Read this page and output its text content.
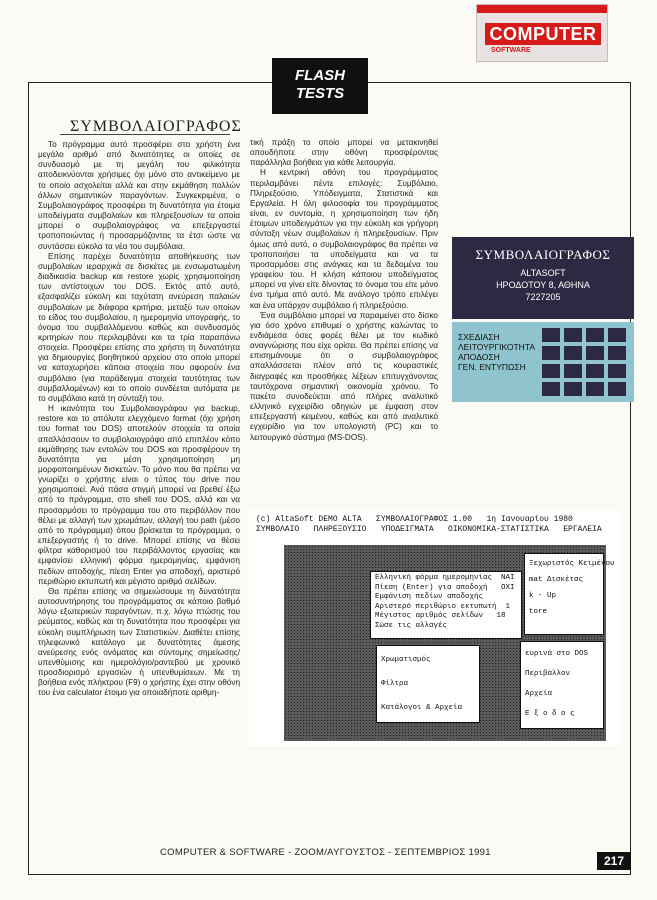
COMPUTER
SOFTWARE
FLASH
TESTS
ΣΥΜΒΟΛΑΙΟΓΡΑΦΟΣ

Το πρόγραμμα αυτό προσφέρει στο χρήστη ένα μεγάλο αριθμό από δυνατότητες οι οποίες σε συνδυασμό με τη μεγάλη του φιλικότητα αποδεικνύονται χρήσιμες όχι μόνο στο αντικείμενο με το οποίο ασχολείται αλλά και στην εκμάθηση πολλών άλλων σημαντικών παραγόντων. Συγκεκριμένα, ο Συμβολαιογράφος προσφέρει τη δυνατότητα για έτοιμα υποδείγματα συμβολαίων και πληρεξουσίων τα οποία μπορεί ο συμβολαιογράφος να επεξεργαστεί τροποποιώντας ή προσαρμόζοντας τα έτσι ώστε να συντάσσει εύκολα τα νέα του συμβόλαια.

Επίσης παρέχει δυνατότητα αποθήκευσης των συμβολαίων ιεραρχικά σε δισκέτες με ενσωματωμένη διαδικασία backup και restore χωρίς χρησιμοποίηση των αντίστοιχων του DOS. Εκτός από αυτό, εξασφαλίζει εύκολη και ταχύτατη ανεύρεση παλαιών συμβολαίων με διάφορα κριτήρια, μεταξύ των οποίων το είδος του συμβολαίου, η ημερομηνία υπογραφής, το όνομα του συμβαλλόμενου καθώς και συνδυασμός κριτηρίων που περιλαμβάνει και τα τρία παραπάνω στοιχεία. Προσφέρει επίσης στο χρήστη τη δυνατότητα για δημιουργίες βοηθητικού αρχείου στο οποίο μπορεί να καταχωρήσει κάποια στοιχεία που αφορούν ένα συμβόλαιο (για παράδειγμα στοιχεία ταυτότητας των συμβαλλομένων) και το οποίο συνδέεται αυτόματα με το συμβόλαιο κατά τη σύνταξή του.

Η ικανότητα του Συμβολαιογράφου για backup, restore και το απόλυτα ελεγχόμενο format (όχι χρήση του format του DOS) αποτελούν στοιχεία τα οποία απαλλάσσουν το συμβολαιογράφο από επιπλέον κόπο εκμάθησης των εντολών του DOS και προσφέρουν τη δυνατότητα για μέση χρησιμοποίηση μη μορφοποιημένων δισκετών. Το μόνο που θα πρέπει να γνωρίζει ο χρήστης είναι ο τύπος του drive που χρησιμοποιεί. Ανά πάσα στιγμή μπορεί να βρεθεί έξω από το πρόγραμμα, στο shell του DOS, αλλά και να προσαρμόσει το πρόγραμμα του στο περιβάλλον που θέλει με αλλαγή των χρωμάτων, αλλαγή του path (μέσο από το πρόγραμμα) όπου βρίσκεται το πρόγραμμα, ο επεξεργαστής ή το drive. Μπορεί επίσης να θέσει φίλτρα καθορισμού του περιβάλλοντος εργασίας και εμφανίσει ελληνική φόρμα ημερομηνίας, εμφάνιση πεδίων αποδοχής, πίεση Enter για αποδοχή, αριστερό περιθώριο εκτυπωτή και μέγιστο αριθμό σελίδων.

Θα πρέπει επίσης να σημειώσουμε τη δυνατότητα αυτοσυντήρησης του προγράμματος σε κάποιο βαθμό λόγω εξωτερικών παραγόντων, π.χ. λόγω πτώσης του ρεύματος, καθώς και τη δυνατότητα που προσφέρει για εύκολη συμπλήρωση των Στατιστικών. Διαθέτει επίσης τηλεφωνικό κατάλογο με δυνατότητες άμεσης ανεύρεσης ενός ονόματος και σύντομης σημείωσης/υπενθύμισης και ημερολόγιο/ραντεβού με χρονικό προσδιορισμό εργασιών ή υπενθυμίσεων. Με τη βοήθεια ενός πλήκτρου (F9) ο χρήστης έχει στην οθόνη του ένα calculator έτοιμο για οποιαδήποτε αριθμη-

τική πράξη το οποίο μπορεί να μετακινηθεί οπουδήποτε στην οθόνη προσφέροντας παράλληλα βοήθεια για κάθε λειτουργία.

Η κεντρική οθόνη του προγράμματος περιλαμβάνει πέντε επιλογές: Συμβόλαιο, Πληρεξούσιο, Υπόδειγματα, Στατιστικά και Εργαλεία. Η όλη φιλοσοφία του προγράμματος είναι, εν συντομία, η χρησιμοποίηση των ήδη έτοιμων υποδειγμάτων για την εύκολη και γρήγορη σύνταξη νέων συμβολαίων ή πληρεξουσίων. Πριν όμως από αυτό, ο συμβολαιογράφος θα πρέπει να τροποποιήσει τα υποδείγματα και να τα προσαρμόσει στις ανάγκες και τα δεδομένα του γραφείου του. Η κλήση κάποιου υποδείγματος μπορεί να γίνει είτε δίνοντας το όνομα του είτε μόνο ένα τμήμα από αυτό. Με ανάλογο τρόπο επιλέγει και ένα υπάρχον συμβόλαιο ή πληρεξούσιο.

Ένα συμβόλαιο μπορεί να παραμείνει στο δίσκο για όσο χρόνο επιθυμεί ο χρήστης καλώντας το ενδιάμεσα όσες φορές θέλει με τον κωδικό αναγνώρισης που είχε ορίσει. Θα πρέπει επίσης να επισημάνουμε ότι ο συμβολαιογράφος απαλλάσσεται πλέον από τις κουραστικές διαγραφές και προσθήκες λέξεων επιτυγχάνοντας ταυτόχρονα σημαντική οικονομία χρόνου. Το πακέτο συνοδεύεται από πλήρες αναλυτικό ελληνικό εγχειρίδιο οδηγιών με έμφαση στον επεξεργαστή κειμένου, καθώς και από αναλυτικό εγχειρίδιο για τον υπολογιστή (PC) και το λειτουργικό σύστημα (MS-DOS).

ΣΥΜΒΟΛΑΙΟΓΡΑΦΟΣ
ALTASOFT
ΗΡΟΔΟΤΟΥ 8, ΑΘΗΝΑ
7227205
ΣΧΕΔΙΑΣΗ
ΛΕΙΤΟΥΡΓΙΚΟΤΗΤΑ
ΑΠΟΔΟΣΗ
ΓΕΝ. ΕΝΤΥΠΩΣΗ
(c) AltaSoft DEMO ALTA   ΣΥΜΒΟΛΑΙΟΓΡΑΦΟΣ 1.00   1η Ιανουαρίου 1980
ΣΥΜΒΟΛΑΙΟ   ΠΛΗΡΕΞΟΥΣΙΟ   ΥΠΟΔΕΙΓΜΑΤΑ   ΟΙΚΟΝΟΜΙΚΑ-ΣΤΑΤΙΣΤΙΚΑ   ΕΡΓΑΛΕΙΑ
Ελληνική φόρμα ημερομηνίας  ΝΑΙ
Πίεση (Enter) για αποδοχή   ΟΧΙ
Εμφάνιση πεδίων αποδοχής
Αριστερό περιθώριο εκτυπωτή  1
Μέγιστος αριθμός σελίδων   18
Σώσε τις αλλαγές
Ξεχωριστός Κειμένου
mat Δισκέτας
k - Up
tore
Χρωματισμός
Φίλτρα
Κατάλογοι & Αρχεία
ευρινά στο DOS
Περιβάλλον
Αρχεία
Ε ξ ο δ ο ς
COMPUTER & SOFTWARE - ΖΟΟΜ/ΑΥΓΟΥΣΤΟΣ - ΣΕΠΤΕΜΒΡΙΟΣ 1991
217
